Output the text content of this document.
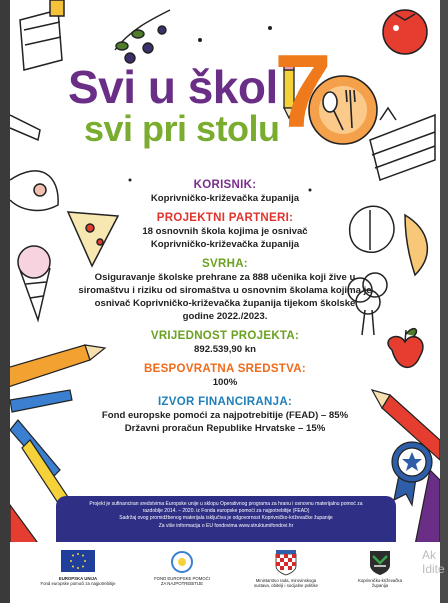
Svi u škol
7
svi pri stolu
KORISNIK:
Koprivničko-križevačka županija
PROJEKTNI PARTNERI:
18 osnovnih škola kojima je osnivač Koprivničko-križevačka županija
SVRHA:
Osiguravanje školske prehrane za 888 učenika koji žive u siromaštvu i riziku od siromaštva u osnovnim školama kojima je osnivač Koprivničko-križevačka županija tijekom školske godine 2022./2023.
VRIJEDNOST PROJEKTA:
892.539,90 kn
BESPOVRATNA SREDSTVA:
100%
IZVOR FINANCIRANJA:
Fond europske pomoći za najpotrebitije (FEAD) – 85%
Državni proračun Republike Hrvatske – 15%
Projekt je sufinanciran sredstvima Europske unije u sklopu Operativnog programa za hranu i osnovnu materijalnu pomoć za
razdoblje 2014. – 2020. iz Fonda europske pomoći za najpotrebitije (FEAD)
Sadržaj ovog promidžbenog materijala isključiva je odgovornost Koprivničko-križevačke županije
Za više informacija o EU fondovima www.strukturnifondovi.hr
EUROPSKA UNIJA
Fond europske pomoći za najpotrebitije
FOND EUROPSKE POMOĆI
ZA NAJPOTREBITIJE
Ministarstvo rada, mirovinskoga
sustava, obitelji i socijalne politike
Koprivničko-križevačka
županija
Ak
Idite
